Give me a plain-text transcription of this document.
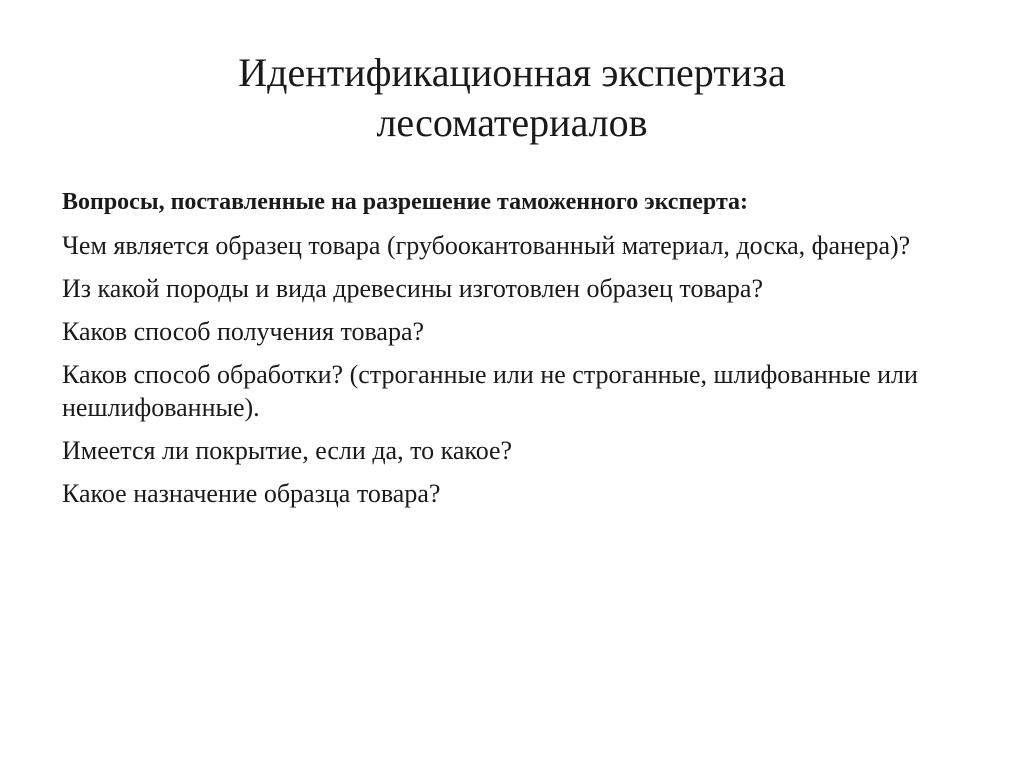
Идентификационная экспертиза
лесоматериалов

Вопросы, поставленные на разрешение таможенного эксперта:

Чем является образец товара (грубоокантованный материал, доска, фанера)?

Из какой породы и вида древесины изготовлен образец товара?

Каков способ получения товара?

Каков способ обработки? (строганные или не строганные, шлифованные или нешлифованные).

Имеется ли покрытие, если да, то какое?

Какое назначение образца товара?
